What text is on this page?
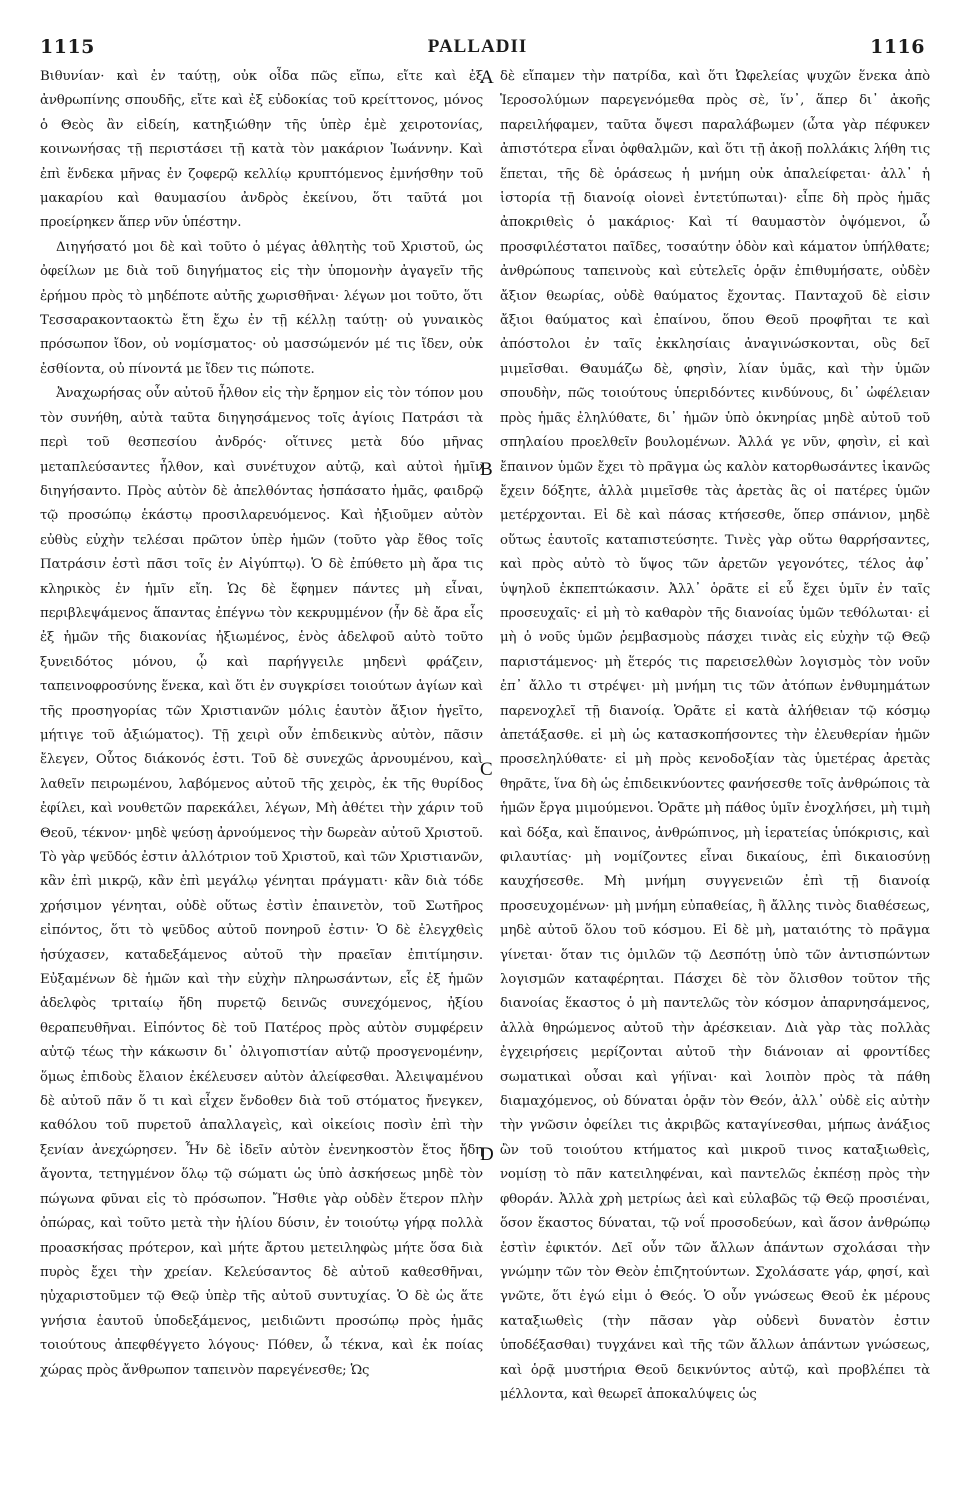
1115	PALLADII	1116

Βιθυνίαν· καὶ ἐν ταύτῃ, οὐκ οἶδα πῶς εἴπω, εἴτε καὶ ἐξ ἀνθρωπίνης σπουδῆς, εἴτε καὶ ἐξ εὐδοκίας τοῦ κρείττονος, μόνος ὁ Θεὸς ἂν εἰδείη, κατηξιώθην τῆς ὑπὲρ ἐμὲ χειροτονίας, κοινωνήσας τῇ περιστάσει τῇ κατὰ τὸν μακάριον Ἰωάννην. Καὶ ἐπὶ ἕνδεκα μῆνας ἐν ζοφερῷ κελλίῳ κρυπτόμενος ἐμνήσθην τοῦ μακαρίου καὶ θαυμασίου ἀνδρὸς ἐκείνου, ὅτι ταῦτά μοι προείρηκεν ἅπερ νῦν ὑπέστην.

Διηγήσατό μοι δὲ καὶ τοῦτο ὁ μέγας ἀθλητὴς τοῦ Χριστοῦ, ὡς ὀφείλων με διὰ τοῦ διηγήματος εἰς τὴν ὑπομονὴν ἀγαγεῖν τῆς ἐρήμου πρὸς τὸ μηδέποτε αὐτῆς χωρισθῆναι· λέγων μοι τοῦτο, ὅτι Τεσσαρακονταοκτὼ ἔτη ἔχω ἐν τῇ κέλλῃ ταύτῃ· οὐ γυναικὸς πρόσωπον ἴδον, οὐ νομίσματος· οὐ μασσώμενόν μέ τις ἴδεν, οὐκ ἐσθίοντα, οὐ πίνοντά με ἴδεν τις πώποτε.

Ἀναχωρήσας οὖν αὐτοῦ ἦλθον εἰς τὴν ἔρημον εἰς τὸν τόπον μου τὸν συνήθη, αὐτὰ ταῦτα διηγησάμενος τοῖς ἁγίοις Πατράσι τὰ περὶ τοῦ θεσπεσίου ἀνδρός· οἵτινες μετὰ δύο μῆνας μεταπλεύσαντες ἦλθον, καὶ συνέτυχον αὐτῷ, καὶ αὐτοὶ ἡμῖν διηγήσαντο. Πρὸς αὐτὸν δὲ ἀπελθόντας ἠσπάσατο ἡμᾶς, φαιδρῷ τῷ προσώπῳ ἑκάστῳ προσιλαρευόμενος. Καὶ ἠξιοῦμεν αὐτὸν εὐθὺς εὐχὴν τελέσαι πρῶτον ὑπὲρ ἡμῶν (τοῦτο γὰρ ἔθος τοῖς Πατράσιν ἐστὶ πᾶσι τοῖς ἐν Αἰγύπτῳ). Ὁ δὲ ἐπύθετο μὴ ἄρα τις κληρικὸς ἐν ἡμῖν εἴη. Ὡς δὲ ἔφημεν πάντες μὴ εἶναι, περιβλεψάμενος ἅπαντας ἐπέγνω τὸν κεκρυμμένον (ἦν δὲ ἄρα εἷς ἐξ ἡμῶν τῆς διακονίας ἠξιωμένος, ἑνὸς ἀδελφοῦ αὐτὸ τοῦτο ξυνειδότος μόνου, ᾧ καὶ παρήγγειλε μηδενὶ φράζειν, ταπεινοφροσύνης ἕνεκα, καὶ ὅτι ἐν συγκρίσει τοιούτων ἁγίων καὶ τῆς προσηγορίας τῶν Χριστιανῶν μόλις ἑαυτὸν ἄξιον ἡγεῖτο, μήτιγε τοῦ ἀξιώματος). Τῇ χειρὶ οὖν ἐπιδεικνὺς αὐτὸν, πᾶσιν ἔλεγεν, Οὗτος διάκονός ἐστι. Τοῦ δὲ συνεχῶς ἀρνουμένου, καὶ λαθεῖν πειρωμένου, λαβόμενος αὐτοῦ τῆς χειρὸς, ἐκ τῆς θυρίδος ἐφίλει, καὶ νουθετῶν παρεκάλει, λέγων, Μὴ ἀθέτει τὴν χάριν τοῦ Θεοῦ, τέκνον· μηδὲ ψεύσῃ ἀρνούμενος τὴν δωρεὰν αὐτοῦ Χριστοῦ. Τὸ γὰρ ψεῦδός ἐστιν ἀλλότριον τοῦ Χριστοῦ, καὶ τῶν Χριστιανῶν, κἂν ἐπὶ μικρῷ, κἂν ἐπὶ μεγάλῳ γένηται πράγματι· κἂν διὰ τόδε χρήσιμον γένηται, οὐδὲ οὕτως ἐστὶν ἐπαινετὸν, τοῦ Σωτῆρος εἰπόντος, ὅτι τὸ ψεῦδος αὐτοῦ πονηροῦ ἐστιν· Ὁ δὲ ἐλεγχθεὶς ἡσύχασεν, καταδεξάμενος αὐτοῦ τὴν πραεῖαν ἐπιτίμησιν. Εὐξαμένων δὲ ἡμῶν καὶ τὴν εὐχὴν πληρωσάντων, εἷς ἐξ ἡμῶν ἀδελφὸς τριταίῳ ἤδη πυρετῷ δεινῶς συνεχόμενος, ἠξίου θεραπευθῆναι. Εἰπόντος δὲ τοῦ Πατέρος πρὸς αὐτὸν συμφέρειν αὐτῷ τέως τὴν κάκωσιν δι᾽ ὀλιγοπιστίαν αὐτῷ προσγενομένην, ὅμως ἐπιδοὺς ἔλαιον ἐκέλευσεν αὐτὸν ἀλείφεσθαι. Ἀλειψαμένου δὲ αὐτοῦ πᾶν ὅ τι καὶ εἶχεν ἔνδοθεν διὰ τοῦ στόματος ἤνεγκεν, καθόλου τοῦ πυρετοῦ ἀπαλλαγεὶς, καὶ οἰκείοις ποσὶν ἐπὶ τὴν ξενίαν ἀνεχώρησεν. Ἦν δὲ ἰδεῖν αὐτὸν ἐνενηκοστὸν ἔτος ἤδη ἄγοντα, τετηγμένον ὅλῳ τῷ σώματι ὡς ὑπὸ ἀσκήσεως μηδὲ τὸν πώγωνα φῦναι εἰς τὸ πρόσωπον. Ἤσθιε γὰρ οὐδὲν ἕτερον πλὴν ὀπώρας, καὶ τοῦτο μετὰ τὴν ἡλίου δύσιν, ἐν τοιούτῳ γήρᾳ πολλὰ προασκήσας πρότερον, καὶ μήτε ἄρτου μετειληφὼς μήτε ὅσα διὰ πυρὸς ἔχει τὴν χρείαν. Κελεύσαντος δὲ αὐτοῦ καθεσθῆναι, ηὐχαριστοῦμεν τῷ Θεῷ ὑπὲρ τῆς αὐτοῦ συντυχίας. Ὁ δὲ ὡς ἅτε γνήσια ἑαυτοῦ ὑποδεξάμενος, μειδιῶντι προσώπῳ πρὸς ἡμᾶς τοιούτους ἀπεφθέγγετο λόγους· Πόθεν, ὦ τέκνα, καὶ ἐκ ποίας χώρας πρὸς ἄνθρωπον ταπεινὸν παρεγένεσθε; Ὡς

A
B
C
D

δὲ εἴπαμεν τὴν πατρίδα, καὶ ὅτι Ὠφελείας ψυχῶν ἕνεκα ἀπὸ Ἱεροσολύμων παρεγενόμεθα πρὸς σὲ, ἵν᾽, ἅπερ δι᾽ ἀκοῆς παρειλήφαμεν, ταῦτα ὄψεσι παραλάβωμεν (ὦτα γὰρ πέφυκεν ἀπιστότερα εἶναι ὀφθαλμῶν, καὶ ὅτι τῇ ἀκοῇ πολλάκις λήθη τις ἕπεται, τῆς δὲ ὁράσεως ἡ μνήμη οὐκ ἀπαλείφεται· ἀλλ᾽ ἡ ἱστορία τῇ διανοίᾳ οἱονεὶ ἐντετύπωται)· εἶπε δὴ πρὸς ἡμᾶς ἀποκριθεὶς ὁ μακάριος· Καὶ τί θαυμαστὸν ὀψόμενοι, ὦ προσφιλέστατοι παῖδες, τοσαύτην ὁδὸν καὶ κάματον ὑπήλθατε; ἀνθρώπους ταπεινοὺς καὶ εὐτελεῖς ὁρᾷν ἐπιθυμήσατε, οὐδὲν ἄξιον θεωρίας, οὐδὲ θαύματος ἔχοντας. Πανταχοῦ δὲ εἰσιν ἄξιοι θαύματος καὶ ἐπαίνου, ὅπου Θεοῦ προφῆται τε καὶ ἀπόστολοι ἐν ταῖς ἐκκλησίαις ἀναγινώσκονται, οὓς δεῖ μιμεῖσθαι. Θαυμάζω δὲ, φησὶν, λίαν ὑμᾶς, καὶ τὴν ὑμῶν σπουδὴν, πῶς τοιούτους ὑπεριδόντες κινδύνους, δι᾽ ὠφέλειαν πρὸς ἡμᾶς ἐληλύθατε, δι᾽ ἡμῶν ὑπὸ ὀκνηρίας μηδὲ αὐτοῦ τοῦ σπηλαίου προελθεῖν βουλομένων. Ἀλλά γε νῦν, φησὶν, εἰ καὶ ἔπαινον ὑμῶν ἔχει τὸ πρᾶγμα ὡς καλὸν κατορθωσάντες ἱκανῶς ἔχειν δόξητε, ἀλλὰ μιμεῖσθε τὰς ἀρετὰς ἃς οἱ πατέρες ὑμῶν μετέρχονται. Εἰ δὲ καὶ πάσας κτήσεσθε, ὅπερ σπάνιον, μηδὲ οὕτως ἑαυτοῖς καταπιστεύσητε. Τινὲς γὰρ οὕτω θαρρήσαντες, καὶ πρὸς αὐτὸ τὸ ὕψος τῶν ἀρετῶν γεγονότες, τέλος ἀφ᾽ ὑψηλοῦ ἐκπεπτώκασιν. Ἀλλ᾽ ὁρᾶτε εἰ εὖ ἔχει ὑμῖν ἐν ταῖς προσευχαῖς· εἰ μὴ τὸ καθαρὸν τῆς διανοίας ὑμῶν τεθόλωται· εἰ μὴ ὁ νοῦς ὑμῶν ῥεμβασμοὺς πάσχει τινὰς εἰς εὐχὴν τῷ Θεῷ παριστάμενος· μὴ ἕτερός τις παρεισελθὼν λογισμὸς τὸν νοῦν ἐπ᾽ ἄλλο τι στρέψει· μὴ μνήμη τις τῶν ἀτόπων ἐνθυμημάτων παρενοχλεῖ τῇ διανοίᾳ. Ὁρᾶτε εἰ κατὰ ἀλήθειαν τῷ κόσμῳ ἀπετάξασθε. εἰ μὴ ὡς κατασκοπήσοντες τὴν ἐλευθερίαν ἡμῶν προσεληλύθατε· εἰ μὴ πρὸς κενοδοξίαν τὰς ὑμετέρας ἀρετὰς θηρᾶτε, ἵνα δὴ ὡς ἐπιδεικνύοντες φανήσεσθε τοῖς ἀνθρώποις τὰ ἡμῶν ἔργα μιμούμενοι. Ὁρᾶτε μὴ πάθος ὑμῖν ἐνοχλήσει, μὴ τιμὴ καὶ δόξα, καὶ ἔπαινος, ἀνθρώπινος, μὴ ἱερατείας ὑπόκρισις, καὶ φιλαυτίας· μὴ νομίζοντες εἶναι δικαίους, ἐπὶ δικαιοσύνῃ καυχήσεσθε. Μὴ μνήμη συγγενειῶν ἐπὶ τῇ διανοίᾳ προσευχομένων· μὴ μνήμη εὐπαθείας, ἢ ἄλλης τινὸς διαθέσεως, μηδὲ αὐτοῦ ὅλου τοῦ κόσμου. Εἰ δὲ μὴ, ματαιότης τὸ πρᾶγμα γίνεται· ὅταν τις ὁμιλῶν τῷ Δεσπότῃ ὑπὸ τῶν ἀντισπώντων λογισμῶν καταφέρηται. Πάσχει δὲ τὸν ὄλισθον τοῦτον τῆς διανοίας ἕκαστος ὁ μὴ παντελῶς τὸν κόσμον ἀπαρνησάμενος, ἀλλὰ θηρώμενος αὐτοῦ τὴν ἀρέσκειαν. Διὰ γὰρ τὰς πολλὰς ἐγχειρήσεις μερίζονται αὐτοῦ τὴν διάνοιαν αἱ φροντίδες σωματικαὶ οὖσαι καὶ γήϊναι· καὶ λοιπὸν πρὸς τὰ πάθη διαμαχόμενος, οὐ δύναται ὁρᾷν τὸν Θεόν, ἀλλ᾽ οὐδὲ εἰς αὐτὴν τὴν γνῶσιν ὀφείλει τις ἀκριβῶς καταγίνεσθαι, μήπως ἀνάξιος ὢν τοῦ τοιούτου κτήματος καὶ μικροῦ τινος καταξιωθεὶς, νομίσῃ τὸ πᾶν κατειληφέναι, καὶ παντελῶς ἐκπέσῃ πρὸς τὴν φθοράν. Ἀλλὰ χρὴ μετρίως ἀεὶ καὶ εὐλαβῶς τῷ Θεῷ προσιέναι, ὅσον ἕκαστος δύναται, τῷ νοΐ προσοδεύων, καὶ ἅσον ἀνθρώπῳ ἐστὶν ἐφικτόν. Δεῖ οὖν τῶν ἄλλων ἁπάντων σχολάσαι τὴν γνώμην τῶν τὸν Θεὸν ἐπιζητούντων. Σχολάσατε γάρ, φησί, καὶ γνῶτε, ὅτι ἐγώ εἰμι ὁ Θεός. Ὁ οὖν γνώσεως Θεοῦ ἐκ μέρους καταξιωθεὶς (τὴν πᾶσαν γὰρ οὐδενὶ δυνατὸν ἐστιν ὑποδέξασθαι) τυγχάνει καὶ τῆς τῶν ἄλλων ἁπάντων γνώσεως, καὶ ὁρᾷ μυστήρια Θεοῦ δεικνύντος αὐτῷ, καὶ προβλέπει τὰ μέλλοντα, καὶ θεωρεῖ ἀποκαλύψεις ὡς
